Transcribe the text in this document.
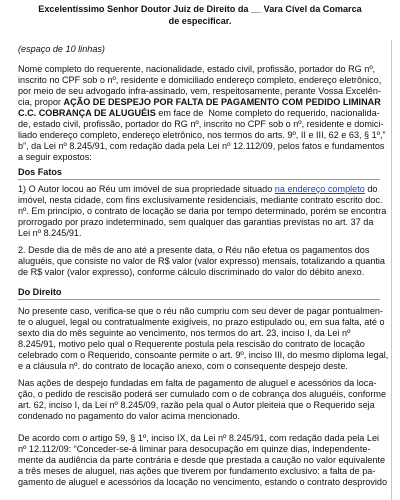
Excelentíssimo Senhor Doutor Juiz de Direito da __ Vara Cível da Comarca
de especificar.
(espaço de 10 linhas)
Nome completo do requerente, nacionalidade, estado civil, profissão, portador do RG nº,
inscrito no CPF sob o nº, residente e domiciliado endereço completo, endereço eletrônico,
por meio de seu advogado infra-assinado, vem, respeitosamente, perante Vossa Excelên-
cia, propor AÇÃO DE DESPEJO POR FALTA DE PAGAMENTO COM PEDIDO LIMINAR
C.C. COBRANÇA DE ALUGUÉIS em face de  Nome completo do requerido, nacionalida-
de, estado civil, profissão, portador do RG nº, inscrito no CPF sob o nº, residente e domici-
liado endereço completo, endereço eletrônico, nos termos do arts. 9º, II e III, 62 e 63, § 1º,”
b”, da Lei nº 8.245/91, com redação dada pela Lei nº 12.112/09, pelos fatos e fundamentos
a seguir expostos:
Dos Fatos
1) O Autor locou ao Réu um imóvel de sua propriedade situado na endereço completo do
imóvel, nesta cidade, com fins exclusivamente residenciais, mediante contrato escrito doc.
nº. Em princípio, o contrato de locação se daria por tempo determinado, porém se encontra
prorrogado por prazo indeterminado, sem qualquer das garantias previstas no art. 37 da
Lei nº 8.245/91.
2. Desde dia de mês de ano até a presente data, o Réu não efetua os pagamentos dos
aluguéis, que consiste no valor de R$ valor (valor expresso) mensais, totalizando a quantia
de R$ valor (valor expresso), conforme cálculo discriminado do valor do débito anexo.
Do Direito
No presente caso, verifica-se que o réu não cumpriu com seu dever de pagar pontualmen-
te o aluguel, legal ou contratualmente exigíveis, no prazo estipulado ou, em sua falta, até o
sexto dia do mês seguinte ao vencimento, nos termos do art. 23, inciso I, da Lei nº
8.245/91, motivo pelo qual o Requerente postula pela rescisão do contrato de locação
celebrado com o Requerido, consoante permite o art. 9º, inciso III, do mesmo diploma legal,
e a cláusula nº. do contrato de locação anexo, com o consequente despejo deste.
Nas ações de despejo fundadas em falta de pagamento de aluguel e acessórios da loca-
ção, o pedido de rescisão poderá ser cumulado com o de cobrança dos aluguéis, conforme
art. 62, inciso I, da Lei nº 8.245/09, razão pela qual o Autor pleiteia que o Requerido seja
condenado no pagamento do valor acima mencionado.
De acordo com o artigo 59, § 1º, inciso IX, da Lei nº 8.245/91, com redação dada pela Lei
nº 12.112/09: “Conceder-se-á liminar para desocupação em quinze dias, independente-
mente da audiência da parte contrária e desde que prestada a caução no valor equivalente
a três meses de aluguel, nas ações que tiverem por fundamento exclusivo: a falta de pa-
gamento de aluguel e acessórios da locação no vencimento, estando o contrato desprovido
